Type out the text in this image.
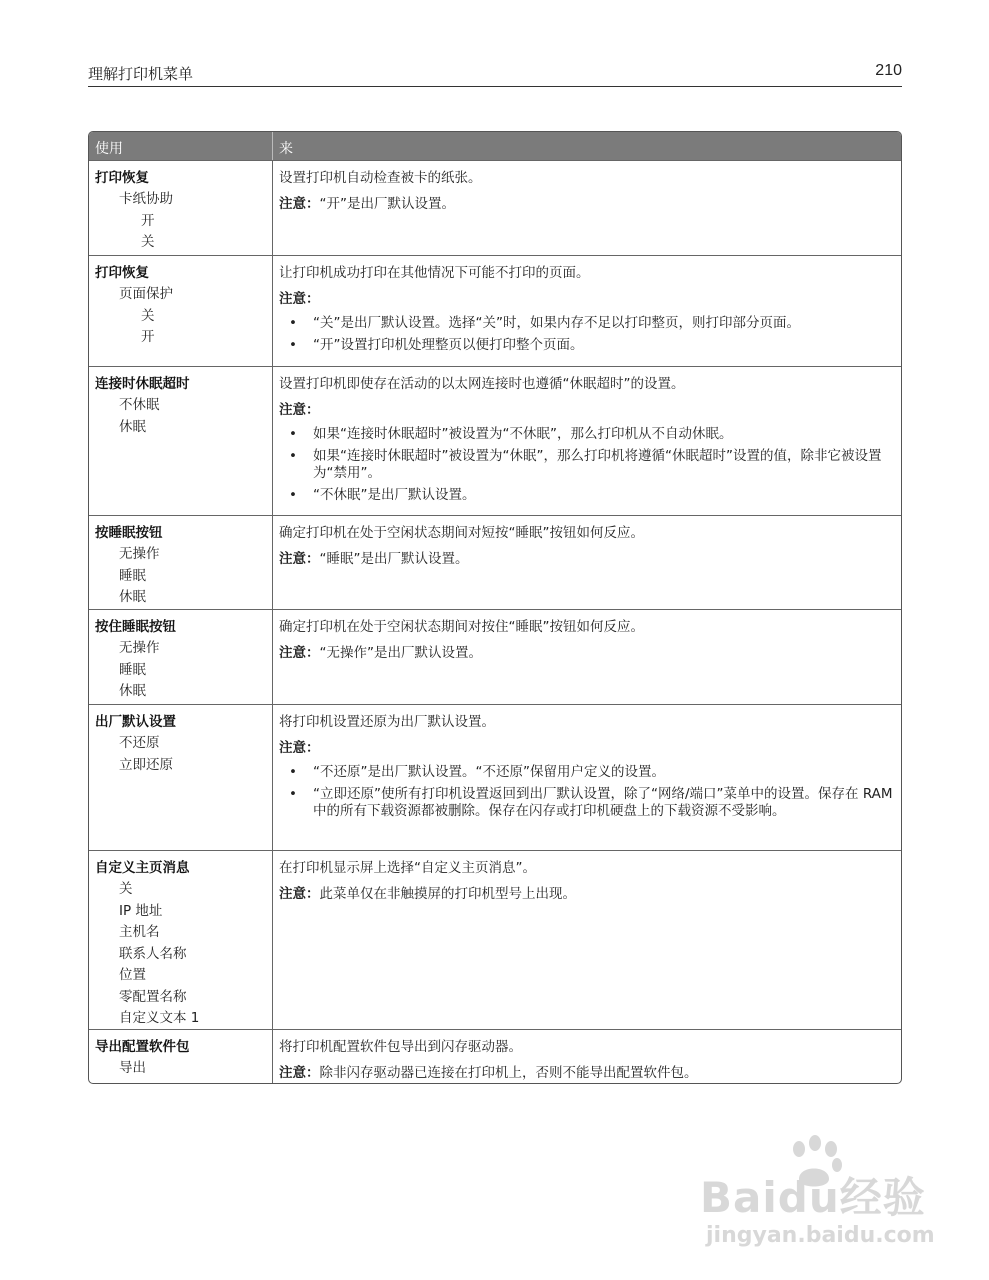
理解打印机菜单	210
使用	来
打印恢复
卡纸协助
开
关
设置打印机自动检查被卡的纸张。
注意：“开”是出厂默认设置。
打印恢复
页面保护
关
开
让打印机成功打印在其他情况下可能不打印的页面。
注意：
• “关”是出厂默认设置。选择“关”时，如果内存不足以打印整页，则打印部分页面。
• “开”设置打印机处理整页以便打印整个页面。
连接时休眠超时
不休眠
休眠
设置打印机即使存在活动的以太网连接时也遵循“休眠超时”的设置。
注意：
• 如果“连接时休眠超时”被设置为“不休眠”，那么打印机从不自动休眠。
• 如果“连接时休眠超时”被设置为“休眠”，那么打印机将遵循“休眠超时”设置的值，除非它被设置为“禁用”。
• “不休眠”是出厂默认设置。
按睡眠按钮
无操作
睡眠
休眠
确定打印机在处于空闲状态期间对短按“睡眠”按钮如何反应。
注意：“睡眠”是出厂默认设置。
按住睡眠按钮
无操作
睡眠
休眠
确定打印机在处于空闲状态期间对按住“睡眠”按钮如何反应。
注意：“无操作”是出厂默认设置。
出厂默认设置
不还原
立即还原
将打印机设置还原为出厂默认设置。
注意：
• “不还原”是出厂默认设置。“不还原”保留用户定义的设置。
• “立即还原”使所有打印机设置返回到出厂默认设置，除了“网络/端口”菜单中的设置。保存在 RAM 中的所有下载资源都被删除。保存在闪存或打印机硬盘上的下载资源不受影响。
自定义主页消息
关
IP 地址
主机名
联系人名称
位置
零配置名称
自定义文本 1
在打印机显示屏上选择“自定义主页消息”。
注意：此菜单仅在非触摸屏的打印机型号上出现。
导出配置软件包
导出
将打印机配置软件包导出到闪存驱动器。
注意：除非闪存驱动器已连接在打印机上，否则不能导出配置软件包。
Baidu经验
jingyan.baidu.com
